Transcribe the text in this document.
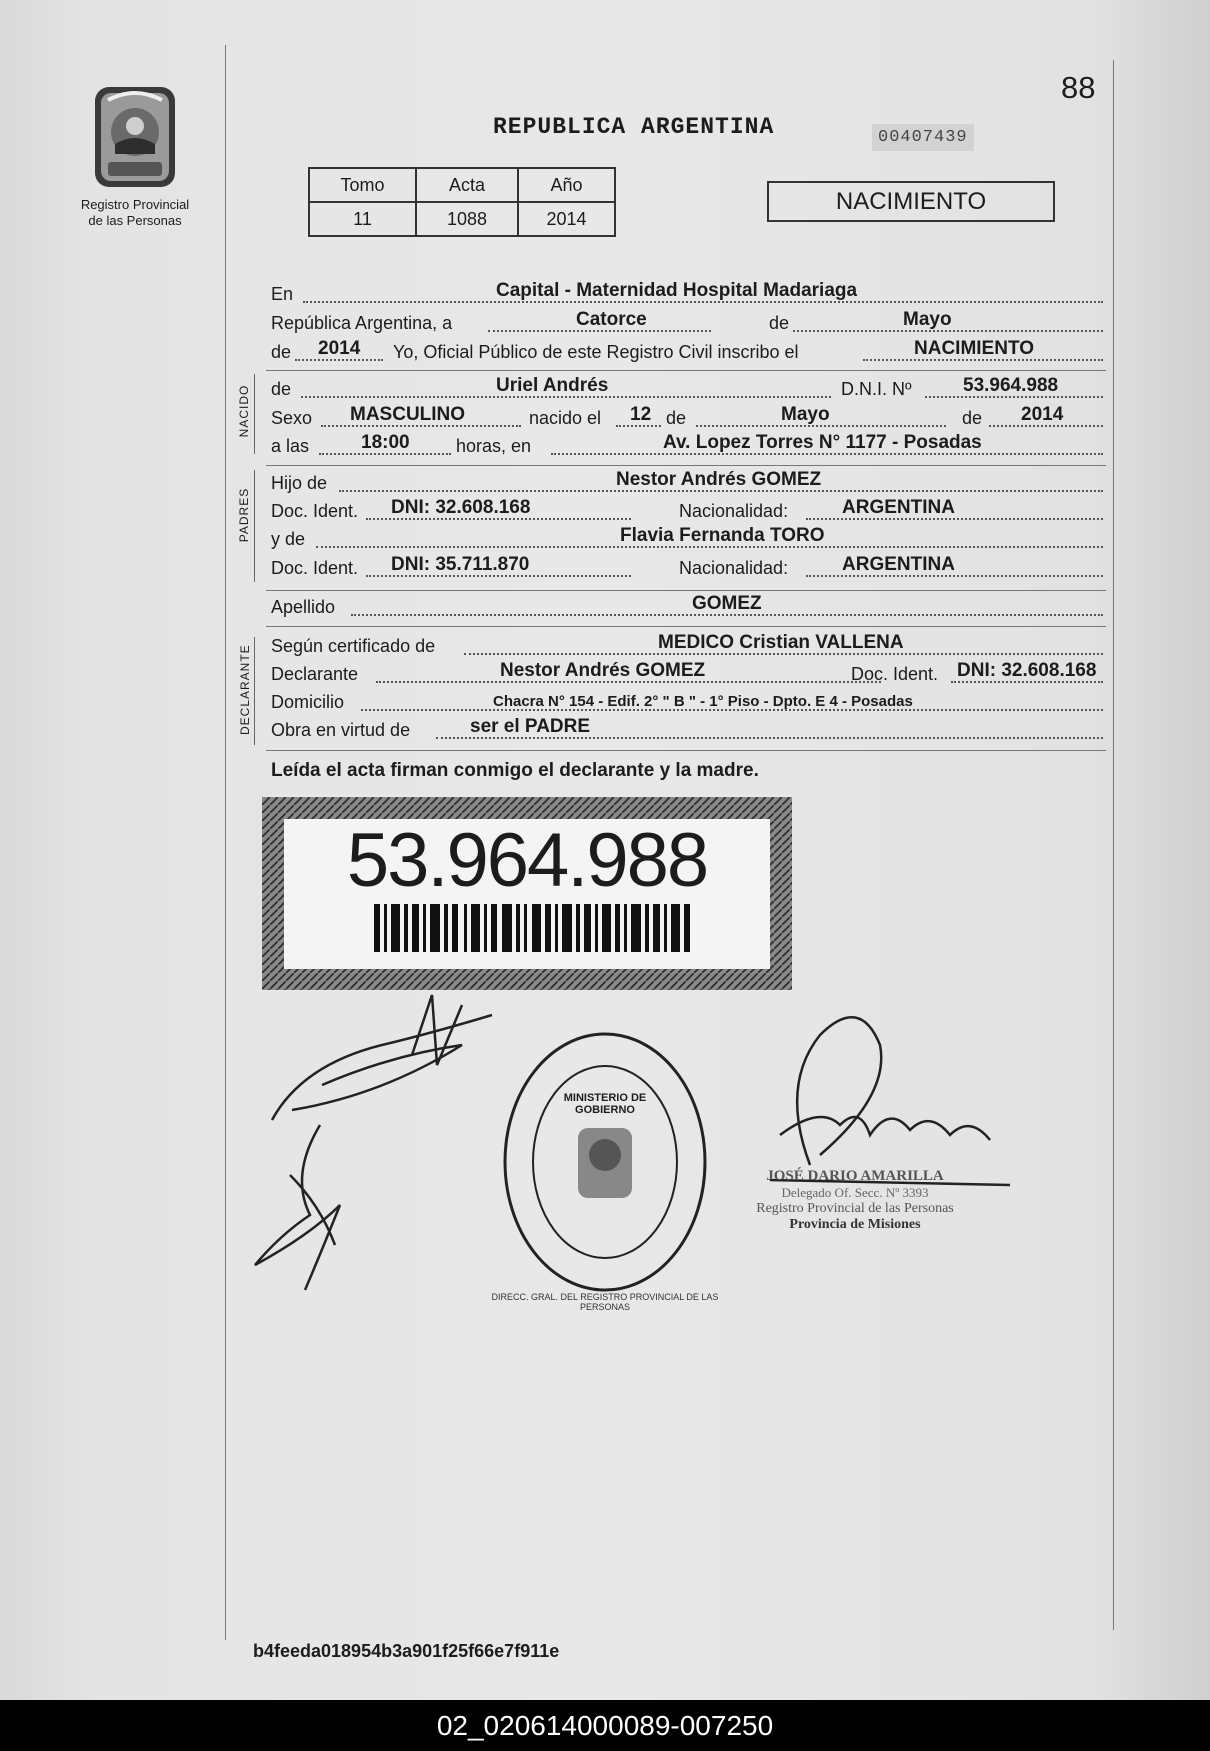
88
Registro Provincial
de las Personas
REPUBLICA ARGENTINA	00407439
Tomo	Acta	Año
11	1088	2014
NACIMIENTO
NACIDO
PADRES
DECLARANTE
En	Capital - Maternidad Hospital Madariaga
República Argentina, a	Catorce	de	Mayo
de 2014 Yo, Oficial Público de este Registro Civil inscribo el	NACIMIENTO
de	Uriel Andrés	D.N.I. Nº	53.964.988
Sexo MASCULINO	nacido el 12 de	Mayo	de 2014
a las	18:00	horas, en	Av. Lopez Torres N° 1177 - Posadas
Hijo de	Nestor Andrés GOMEZ
Doc. Ident. DNI: 32.608.168	Nacionalidad:	ARGENTINA
y de	Flavia Fernanda TORO
Doc. Ident. DNI: 35.711.870	Nacionalidad:	ARGENTINA
Apellido	GOMEZ
Según certificado de	MEDICO Cristian VALLENA
Declarante	Nestor Andrés GOMEZ	Doc. Ident. DNI: 32.608.168
Domicilio	Chacra N° 154 - Edif. 2° " B " - 1° Piso - Dpto. E 4 - Posadas
Obra en virtud de	ser el PADRE
Leída el acta firman conmigo el declarante y la madre.
53.964.988
DIRECC. GRAL. DEL REGISTRO PROVINCIAL DE LAS PERSONAS
MINISTERIO DE GOBIERNO
JOSÉ DARIO AMARILLA
Delegado Of. Secc. Nº 3393
Registro Provincial de las Personas
Provincia de Misiones
b4feeda018954b3a901f25f66e7f911e
02_020614000089-007250
